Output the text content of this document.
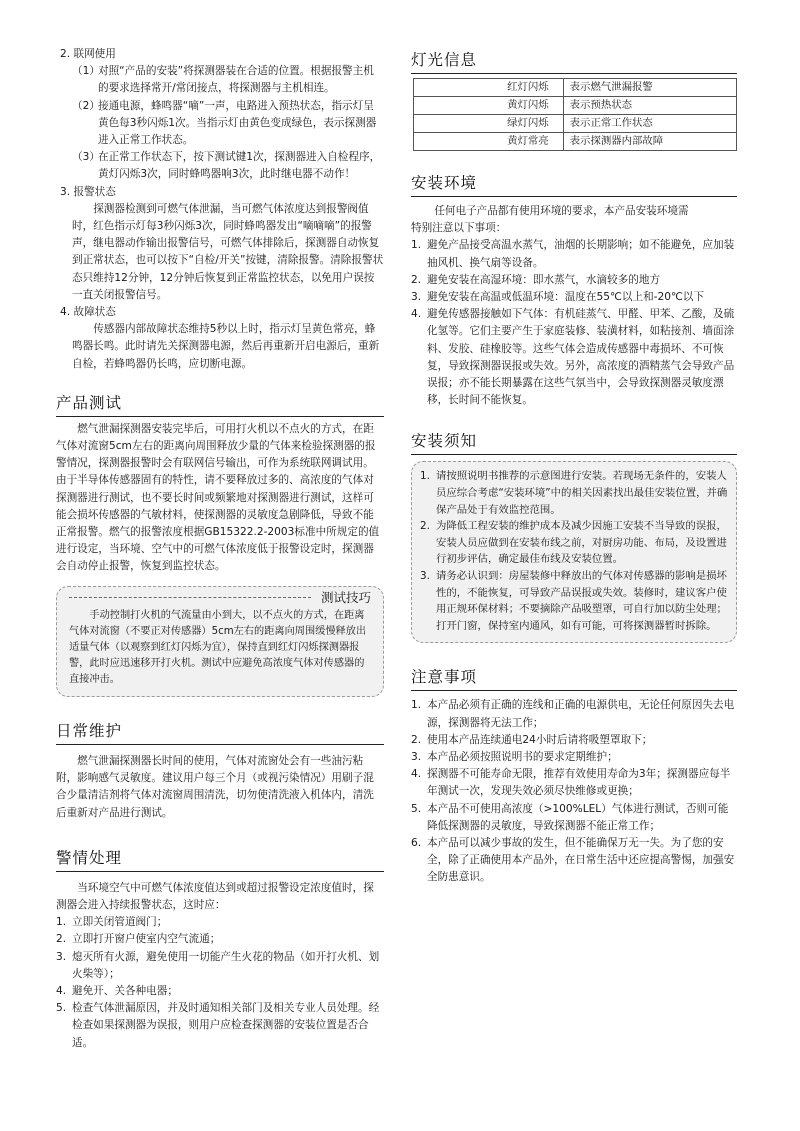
2. 联网使用

（1）
对照“产品的安装”将探测器装在合适的位置。根据报警主机的要求选择常开/常闭接点，将探测器与主机相连。
（2）
接通电源，蜂鸣器“嘀”一声，电路进入预热状态，指示灯呈黄色每3秒闪烁1次。当指示灯由黄色变成绿色，表示探测器进入正常工作状态。
（3）
在正常工作状态下，按下测试键1次，探测器进入自检程序，黄灯闪烁3次，同时蜂鸣器响3次，此时继电器不动作！

3. 报警状态

探测器检测到可燃气体泄漏，当可燃气体浓度达到报警阀值时，红色指示灯每3秒闪烁3次，同时蜂鸣器发出“嘀嘀嘀”的报警声，继电器动作输出报警信号，可燃气体排除后，探测器自动恢复到正常状态，也可以按下“自检/开关”按键，清除报警。清除报警状态只维持12分钟，12分钟后恢复到正常监控状态，以免用户误按一直关闭报警信号。

4. 故障状态

传感器内部故障状态维持5秒以上时，指示灯呈黄色常亮，蜂鸣器长鸣。此时请先关探测器电源，然后再重新开启电源后，重新自检，若蜂鸣器仍长鸣，应切断电源。

产品测试

燃气泄漏探测器安装完毕后，可用打火机以不点火的方式，在距气体对流窗5cm左右的距离向周围释放少量的气体来检验探测器的报警情况，探测器报警时会有联网信号输出，可作为系统联网调试用。由于半导体传感器固有的特性，请不要释放过多的、高浓度的气体对探测器进行测试，也不要长时间或频繁地对探测器进行测试，这样可能会损坏传感器的气敏材料，使探测器的灵敏度急剧降低，导致不能正常报警。燃气的报警浓度根据GB15322.2-2003标准中所规定的值进行设定，当环境、空气中的可燃气体浓度低于报警设定时，探测器会自动停止报警，恢复到监控状态。

测试技巧

手动控制打火机的气流量由小到大，以不点火的方式，在距离气体对流窗（不要正对传感器）5cm左右的距离向周围缓慢释放出适量气体（以观察到红灯闪烁为宜），保持直到红灯闪烁探测器报警，此时应迅速移开打火机。测试中应避免高浓度气体对传感器的直接冲击。

日常维护

燃气泄漏探测器长时间的使用，气体对流窗处会有一些油污粘附，影响感气灵敏度。建议用户每三个月（或视污染情况）用刷子混合少量清洁剂将气体对流窗周围清洗，切勿使清洗液入机体内，清洗后重新对产品进行测试。

警情处理

当环境空气中可燃气体浓度值达到或超过报警设定浓度值时，探测器会进入持续报警状态，这时应：

1. 立即关闭管道阀门；
2. 立即打开窗户使室内空气流通；
3. 熄灭所有火源，避免使用一切能产生火花的物品（如开打火机、划火柴等）；
4. 避免开、关各种电器；
5. 检查气体泄漏原因，并及时通知相关部门及相关专业人员处理。经检查如果探测器为误报，则用户应检查探测器的安装位置是否合适。
灯光信息
红灯闪烁	表示燃气泄漏报警
黄灯闪烁	表示预热状态
绿灯闪烁	表示正常工作状态
黄灯常亮	表示探测器内部故障
安装环境

任何电子产品都有使用环境的要求，本产品安装环境需

特别注意以下事项：

1. 避免产品接受高温水蒸气，油烟的长期影响；如不能避免，应加装抽风机、换气扇等设备。
2. 避免安装在高湿环境：即水蒸气，水滴较多的地方
3. 避免安装在高温或低温环境：温度在55℃以上和-20℃以下
4. 避免传感器接触如下气体：有机硅蒸气、甲醛、甲苯、乙酸，及硫化氢等。它们主要产生于家庭装修、装潢材料，如粘接剂、墙面涂料、发胶、硅橡胶等。这些气体会造成传感器中毒损坏、不可恢复，导致探测器误报或失效。另外，高浓度的酒精蒸气会导致产品误报；亦不能长期暴露在这些气氛当中，会导致探测器灵敏度漂移，长时间不能恢复。
安装须知
1. 请按照说明书推荐的示意图进行安装。若现场无条件的，安装人员应综合考虑“安装环境”中的相关因素找出最佳安装位置，并确保产品处于有效监控范围。
2. 为降低工程安装的维护成本及减少因施工安装不当导致的误报，安装人员应做到在安装布线之前，对厨房功能、布局，及设置进行初步评估，确定最佳布线及安装位置。
3. 请务必认识到：房屋装修中释放出的气体对传感器的影响是损坏性的，不能恢复，可导致产品误报或失效。装修时，建议客户使用正规环保材料；不要摘除产品吸塑罩，可自行加以防尘处理；打开门窗，保持室内通风，如有可能，可将探测器暂时拆除。
注意事项
1. 本产品必须有正确的连线和正确的电源供电，无论任何原因失去电源，探测器将无法工作；
2. 使用本产品连续通电24小时后请将吸塑罩取下；
3. 本产品必须按照说明书的要求定期维护；
4. 探测器不可能寿命无限，推荐有效使用寿命为3年；探测器应每半年测试一次，发现失效必须尽快维修或更换；
5. 本产品不可使用高浓度（>100%LEL）气体进行测试，否则可能降低探测器的灵敏度，导致探测器不能正常工作；
6. 本产品可以减少事故的发生，但不能确保万无一失。为了您的安全，除了正确使用本产品外，在日常生活中还应提高警惕，加强安全防患意识。
